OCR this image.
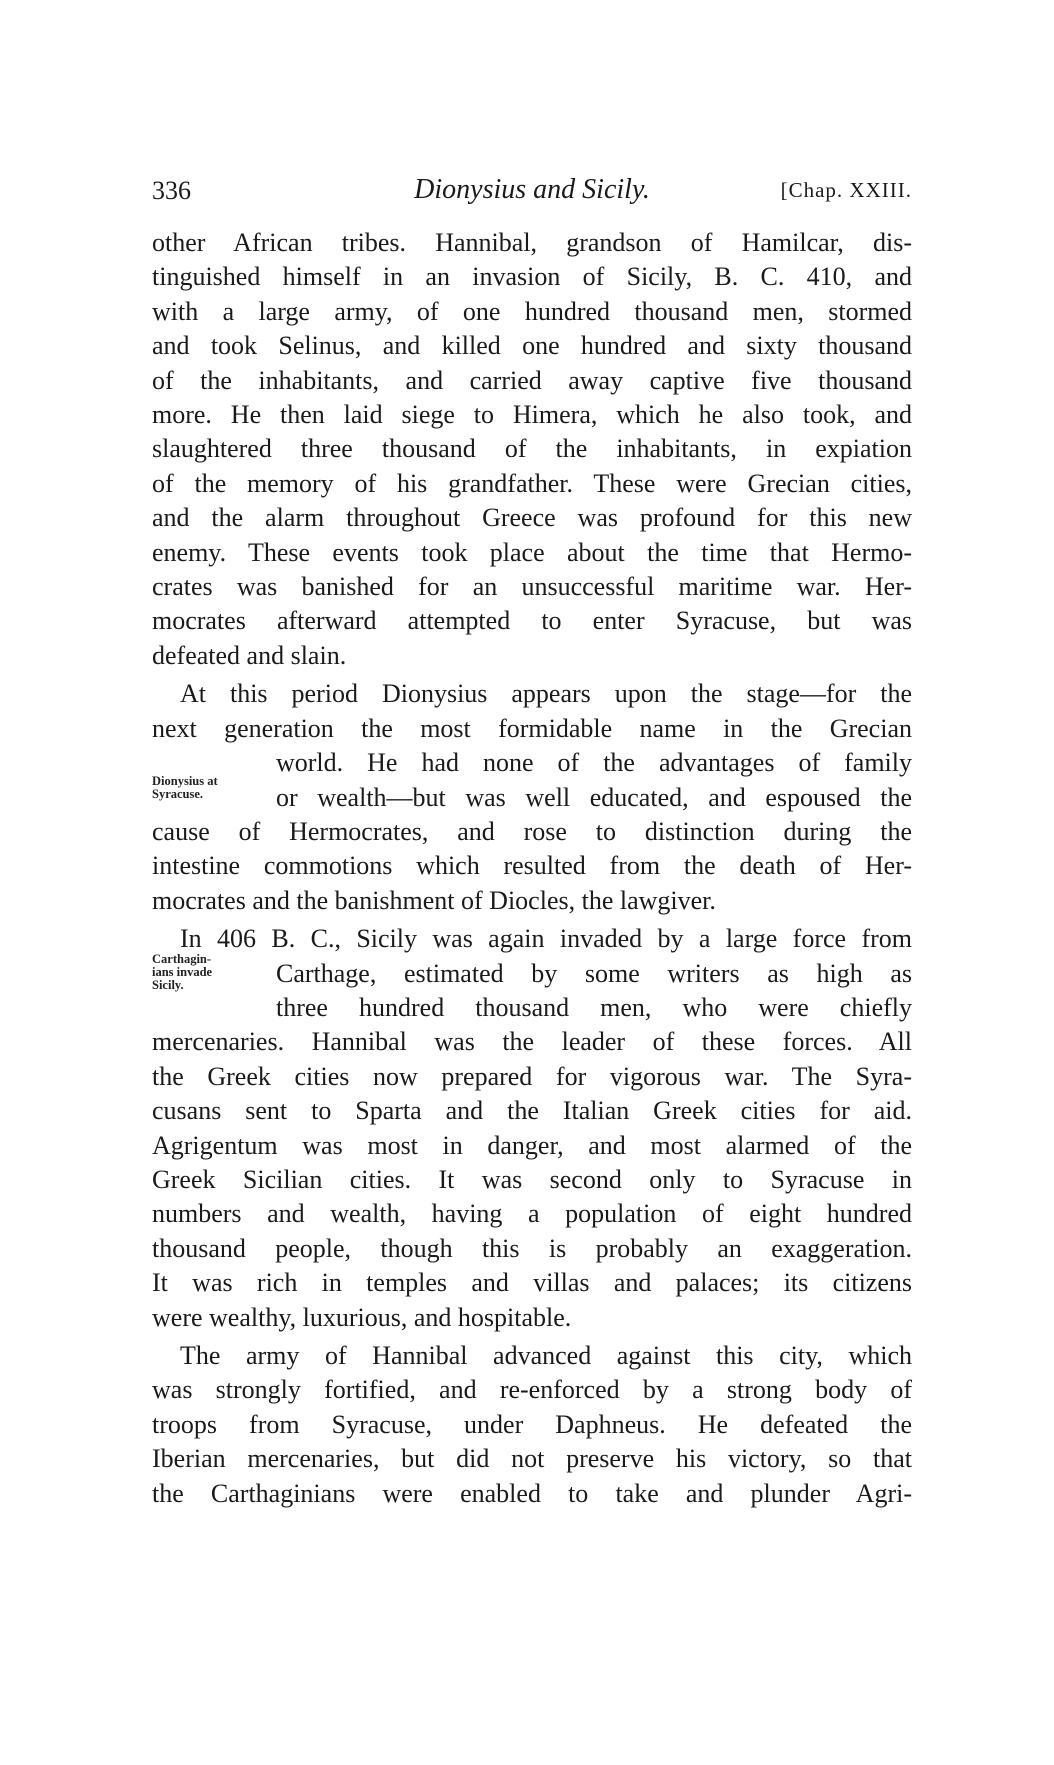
336	Dionysius and Sicily.	[Chap. XXIII.
Dionysius at
Syracuse.
Carthagin-
ians invade
Sicily.

other African tribes. Hannibal, grandson of Hamilcar, dis-
tinguished himself in an invasion of Sicily, B. C. 410, and
with a large army, of one hundred thousand men, stormed
and took Selinus, and killed one hundred and sixty thousand
of the inhabitants, and carried away captive five thousand
more. He then laid siege to Himera, which he also took, and
slaughtered three thousand of the inhabitants, in expiation
of the memory of his grandfather. These were Grecian cities,
and the alarm throughout Greece was profound for this new
enemy. These events took place about the time that Hermo-
crates was banished for an unsuccessful maritime war. Her-
mocrates afterward attempted to enter Syracuse, but was
defeated and slain.

At this period Dionysius appears upon the stage—for the
next generation the most formidable name in the Grecian
world. He had none of the advantages of family
or wealth—but was well educated, and espoused the
cause of Hermocrates, and rose to distinction during the
intestine commotions which resulted from the death of Her-
mocrates and the banishment of Diocles, the lawgiver.

In 406 B. C., Sicily was again invaded by a large force from
Carthage, estimated by some writers as high as
three hundred thousand men, who were chiefly
mercenaries. Hannibal was the leader of these forces. All
the Greek cities now prepared for vigorous war. The Syra-
cusans sent to Sparta and the Italian Greek cities for aid.
Agrigentum was most in danger, and most alarmed of the
Greek Sicilian cities. It was second only to Syracuse in
numbers and wealth, having a population of eight hundred
thousand people, though this is probably an exaggeration.
It was rich in temples and villas and palaces; its citizens
were wealthy, luxurious, and hospitable.

The army of Hannibal advanced against this city, which
was strongly fortified, and re-enforced by a strong body of
troops from Syracuse, under Daphneus. He defeated the
Iberian mercenaries, but did not preserve his victory, so that
the Carthaginians were enabled to take and plunder Agri-
